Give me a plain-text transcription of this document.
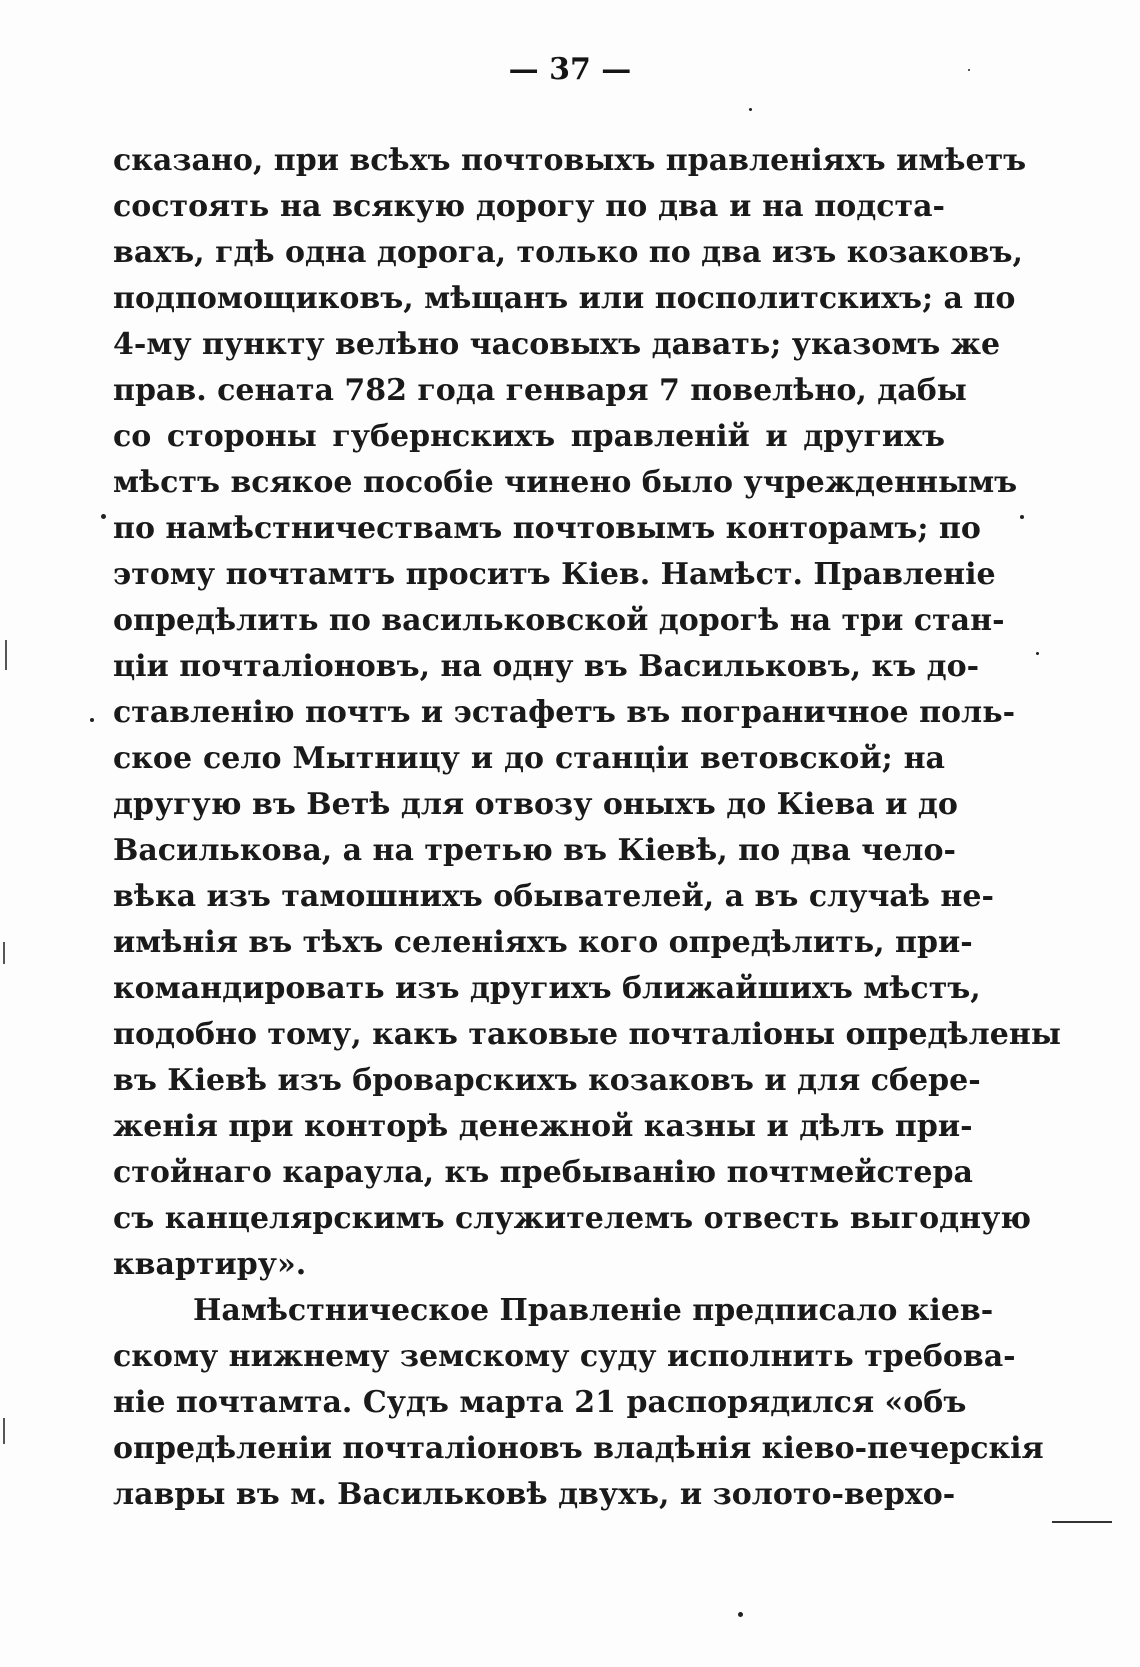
— 37 —
сказано, при всѣхъ почтовыхъ правленіяхъ имѣетъ
состоять на всякую дорогу по два и на подста-
вахъ, гдѣ одна дорога, только по два изъ козаковъ,
подпомощиковъ, мѣщанъ или посполитскихъ; а по
4-му пункту велѣно часовыхъ давать; указомъ же
прав. сената 782 года генваря 7 повелѣно, дабы
со стороны губернскихъ правленій и другихъ
мѣстъ всякое пособіе чинено было учрежденнымъ
по намѣстничествамъ почтовымъ конторамъ; по
этому почтамтъ проситъ Кіев. Намѣст. Правленіе
опредѣлить по васильковской дорогѣ на три стан-
ціи почталіоновъ, на одну въ Васильковъ, къ до-
ставленію почтъ и эстафетъ въ пограничное поль-
ское село Мытницу и до станціи ветовской; на
другую въ Ветѣ для отвозу оныхъ до Кіева и до
Василькова, а на третью въ Кіевѣ, по два чело-
вѣка изъ тамошнихъ обывателей, а въ случаѣ не-
имѣнія въ тѣхъ селеніяхъ кого опредѣлить, при-
командировать изъ другихъ ближайшихъ мѣстъ,
подобно тому, какъ таковые почталіоны опредѣлены
въ Кіевѣ изъ броварскихъ козаковъ и для сбере-
женія при конторѣ денежной казны и дѣлъ при-
стойнаго караула, къ пребыванію почтмейстера
съ канцелярскимъ служителемъ отвесть выгодную
квартиру».
Намѣстническое Правленіе предписало кіев-
скому нижнему земскому суду исполнить требова-
ніе почтамта. Судъ марта 21 распорядился «объ
опредѣленіи почталіоновъ владѣнія кіево-печерскія
лавры въ м. Васильковѣ двухъ, и золото-верхо-
